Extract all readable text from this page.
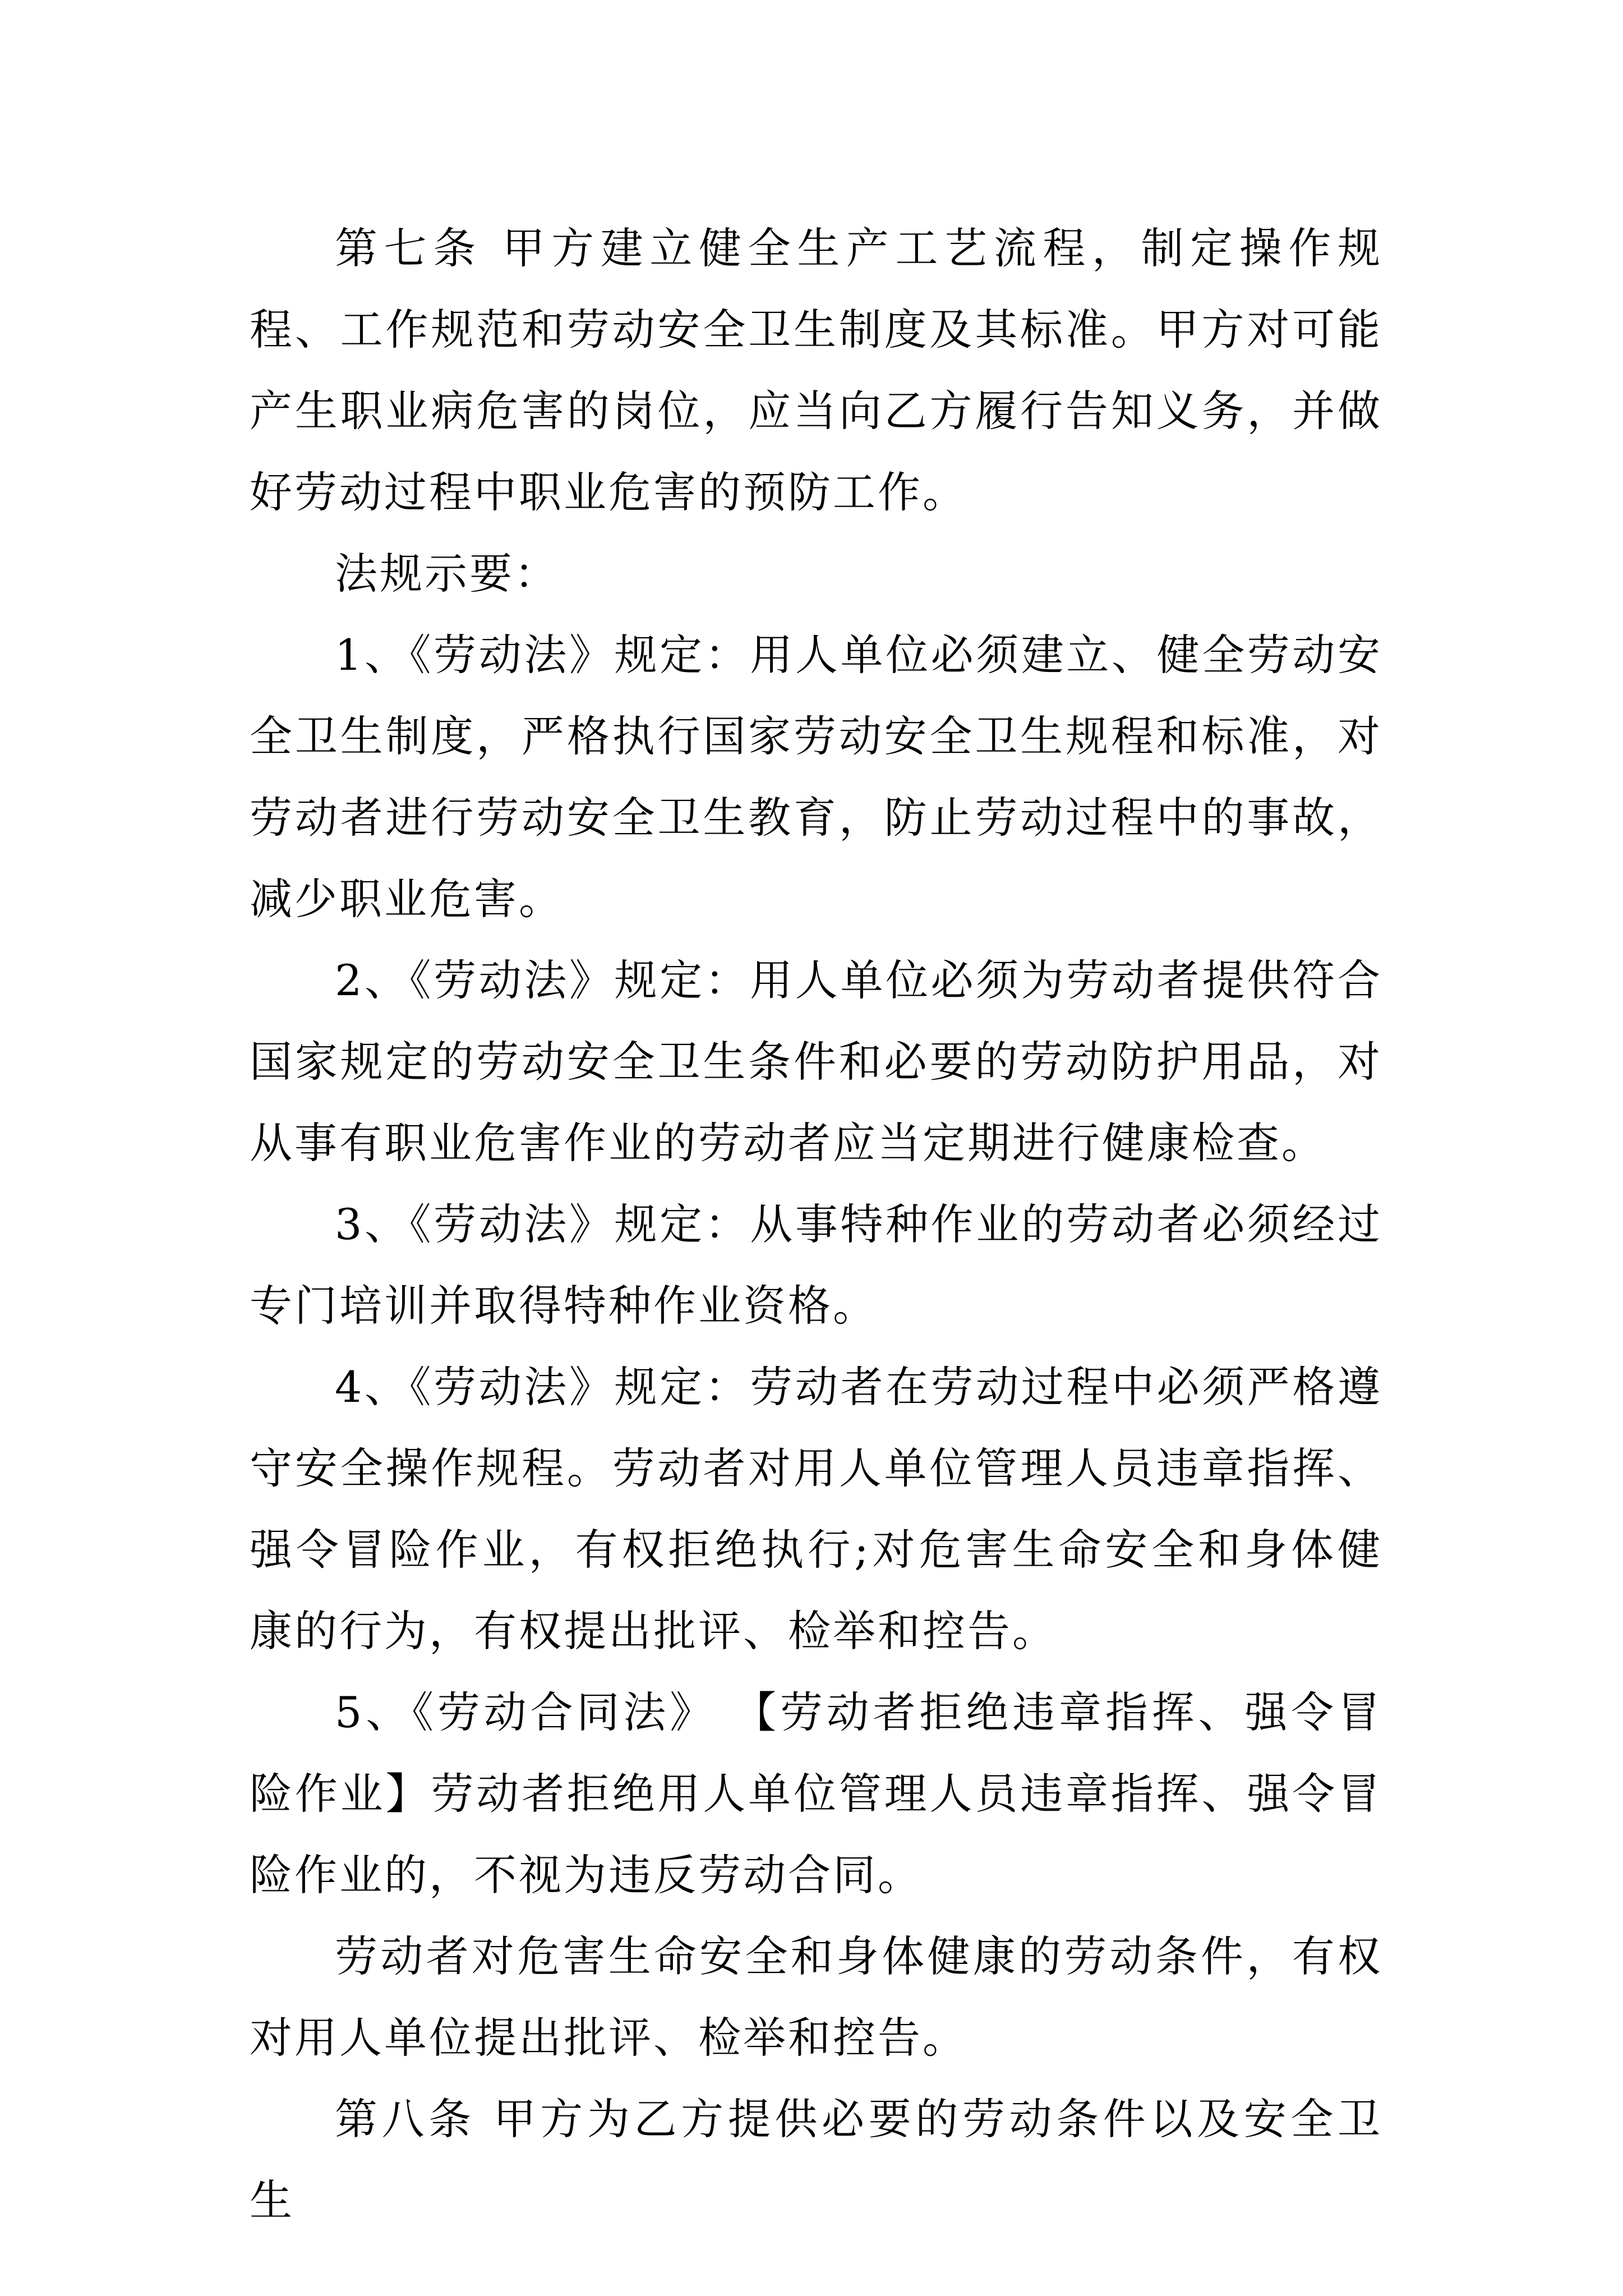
第七条 甲方建立健全生产工艺流程，制定操作规程、工作规范和劳动安全卫生制度及其标准。甲方对可能产生职业病危害的岗位，应当向乙方履行告知义务，并做好劳动过程中职业危害的预防工作。

法规示要：

1、《劳动法》规定：用人单位必须建立、健全劳动安全卫生制度，严格执行国家劳动安全卫生规程和标准，对劳动者进行劳动安全卫生教育，防止劳动过程中的事故，减少职业危害。

2、《劳动法》规定：用人单位必须为劳动者提供符合国家规定的劳动安全卫生条件和必要的劳动防护用品，对从事有职业危害作业的劳动者应当定期进行健康检查。

3、《劳动法》规定：从事特种作业的劳动者必须经过专门培训并取得特种作业资格。

4、《劳动法》规定：劳动者在劳动过程中必须严格遵守安全操作规程。劳动者对用人单位管理人员违章指挥、强令冒险作业，有权拒绝执行;对危害生命安全和身体健康的行为，有权提出批评、检举和控告。

5、《劳动合同法》 【劳动者拒绝违章指挥、强令冒险作业】劳动者拒绝用人单位管理人员违章指挥、强令冒险作业的，不视为违反劳动合同。

劳动者对危害生命安全和身体健康的劳动条件，有权对用人单位提出批评、检举和控告。

第八条 甲方为乙方提供必要的劳动条件以及安全卫生
